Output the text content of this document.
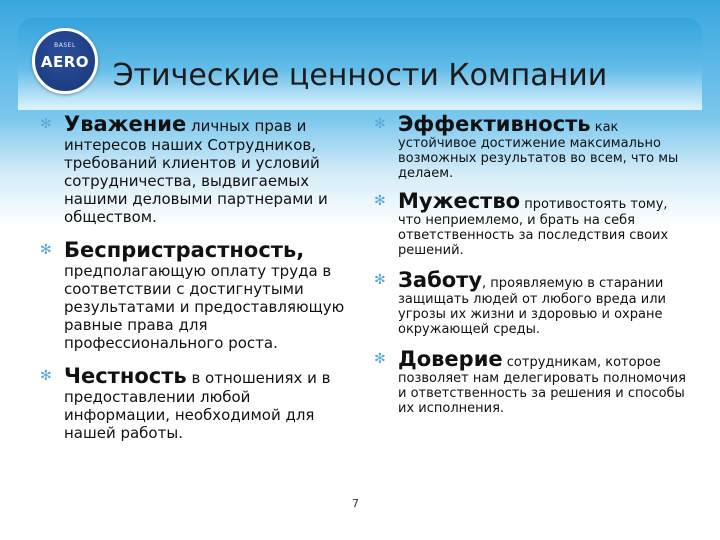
BASEL
AERO Этические ценности Компании
✻ Уважение личных прав и
интересов наших Сотрудников, требований клиентов и условий сотрудничества, выдвигаемых нашими деловыми партнерами и обществом.
✻ Беспристрастность,
предполагающую оплату труда в соответствии с достигнутыми результатами и предоставляющую равные права для профессионального роста.
✻ Честность в отношениях и в
предоставлении любой информации, необходимой для нашей работы.
✻ Эффективность как
устойчивое достижение максимально возможных результатов во всем, что мы делаем.
✻ Мужество противостоять тому,
что неприемлемо, и брать на себя ответственность за последствия своих решений.
✻ Заботу, проявляемую в старании
защищать людей от любого вреда или угрозы их жизни и здоровью и охране окружающей среды.
✻ Доверие сотрудникам, которое
позволяет нам делегировать полномочия и ответственность за решения и способы их исполнения.
7
